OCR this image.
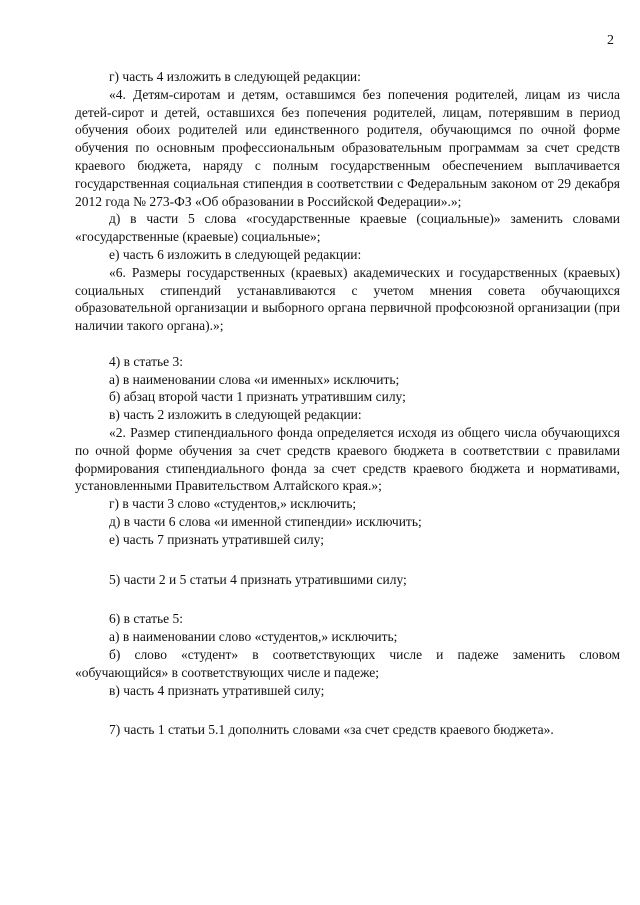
2

г) часть 4 изложить в следующей редакции:

«4. Детям-сиротам и детям, оставшимся без попечения родителей, лицам из числа детей-сирот и детей, оставшихся без попечения родителей, лицам, потерявшим в период обучения обоих родителей или единственного родителя, обучающимся по очной форме обучения по основным профессиональным образовательным программам за счет средств краевого бюджета, наряду с полным государственным обеспечением выплачивается государственная социальная стипендия в соответствии с Федеральным законом от 29 декабря 2012 года № 273-ФЗ «Об образовании в Российской Федерации».»;

д) в части 5 слова «государственные краевые (социальные)» заменить словами «государственные (краевые) социальные»;

е) часть 6 изложить в следующей редакции:

«6. Размеры государственных (краевых) академических и государственных (краевых) социальных стипендий устанавливаются с учетом мнения совета обучающихся образовательной организации и выборного органа первичной профсоюзной организации (при наличии такого органа).»;

4) в статье 3:

а) в наименовании слова «и именных» исключить;

б) абзац второй части 1 признать утратившим силу;

в) часть 2 изложить в следующей редакции:

«2. Размер стипендиального фонда определяется исходя из общего числа обучающихся по очной форме обучения за счет средств краевого бюджета в соответствии с правилами формирования стипендиального фонда за счет средств краевого бюджета и нормативами, установленными Правительством Алтайского края.»;

г) в части 3 слово «студентов,» исключить;

д) в части 6 слова «и именной стипендии» исключить;

е) часть 7 признать утратившей силу;

5) части 2 и 5 статьи 4 признать утратившими силу;

6) в статье 5:

а) в наименовании слово «студентов,» исключить;

б) слово «студент» в соответствующих числе и падеже заменить словом «обучающийся» в соответствующих числе и падеже;

в) часть 4 признать утратившей силу;

7) часть 1 статьи 5.1 дополнить словами «за счет средств краевого бюджета».
